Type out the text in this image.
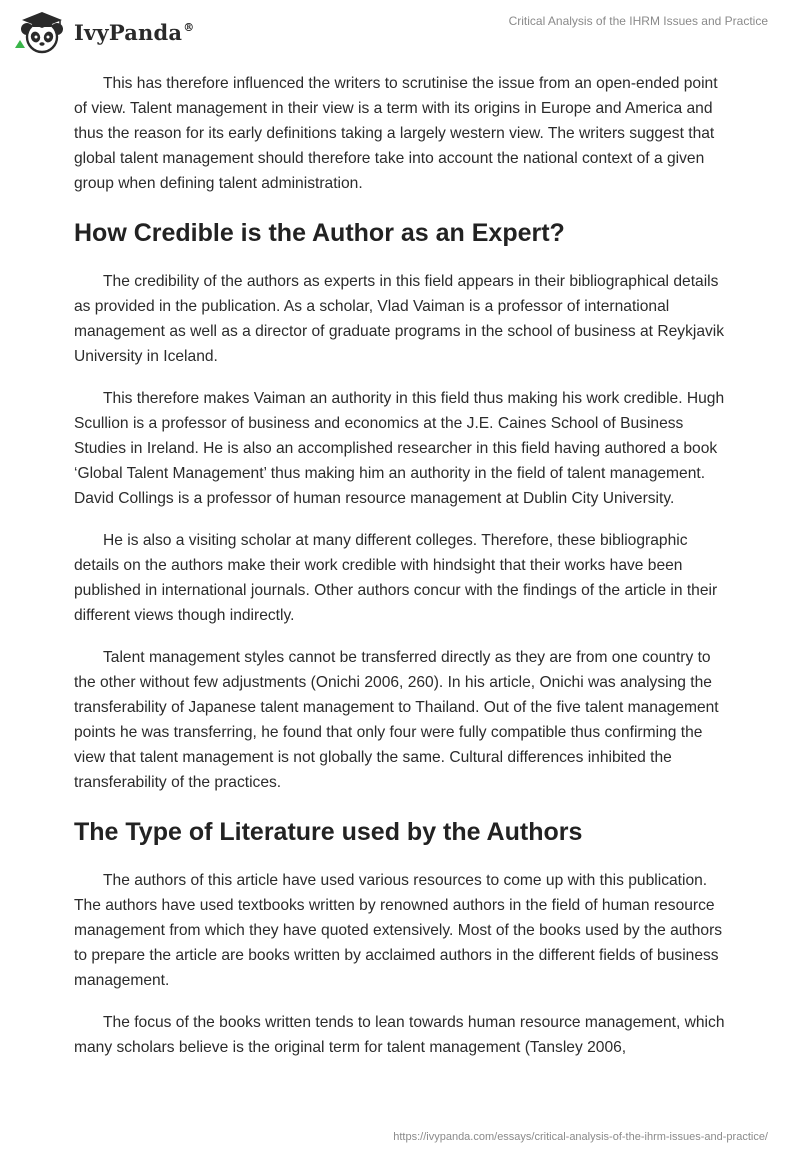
IvyPanda®	Critical Analysis of the IHRM Issues and Practice

This has therefore influenced the writers to scrutinise the issue from an open-ended point of view. Talent management in their view is a term with its origins in Europe and America and thus the reason for its early definitions taking a largely western view. The writers suggest that global talent management should therefore take into account the national context of a given group when defining talent administration.

How Credible is the Author as an Expert?

The credibility of the authors as experts in this field appears in their bibliographical details as provided in the publication. As a scholar, Vlad Vaiman is a professor of international management as well as a director of graduate programs in the school of business at Reykjavik University in Iceland.

This therefore makes Vaiman an authority in this field thus making his work credible. Hugh Scullion is a professor of business and economics at the J.E. Caines School of Business Studies in Ireland. He is also an accomplished researcher in this field having authored a book ‘Global Talent Management’ thus making him an authority in the field of talent management. David Collings is a professor of human resource management at Dublin City University.

He is also a visiting scholar at many different colleges. Therefore, these bibliographic details on the authors make their work credible with hindsight that their works have been published in international journals. Other authors concur with the findings of the article in their different views though indirectly.

Talent management styles cannot be transferred directly as they are from one country to the other without few adjustments (Onichi 2006, 260). In his article, Onichi was analysing the transferability of Japanese talent management to Thailand. Out of the five talent management points he was transferring, he found that only four were fully compatible thus confirming the view that talent management is not globally the same. Cultural differences inhibited the transferability of the practices.

The Type of Literature used by the Authors

The authors of this article have used various resources to come up with this publication. The authors have used textbooks written by renowned authors in the field of human resource management from which they have quoted extensively. Most of the books used by the authors to prepare the article are books written by acclaimed authors in the different fields of business management.

The focus of the books written tends to lean towards human resource management, which many scholars believe is the original term for talent management (Tansley 2006,

https://ivypanda.com/essays/critical-analysis-of-the-ihrm-issues-and-practice/
